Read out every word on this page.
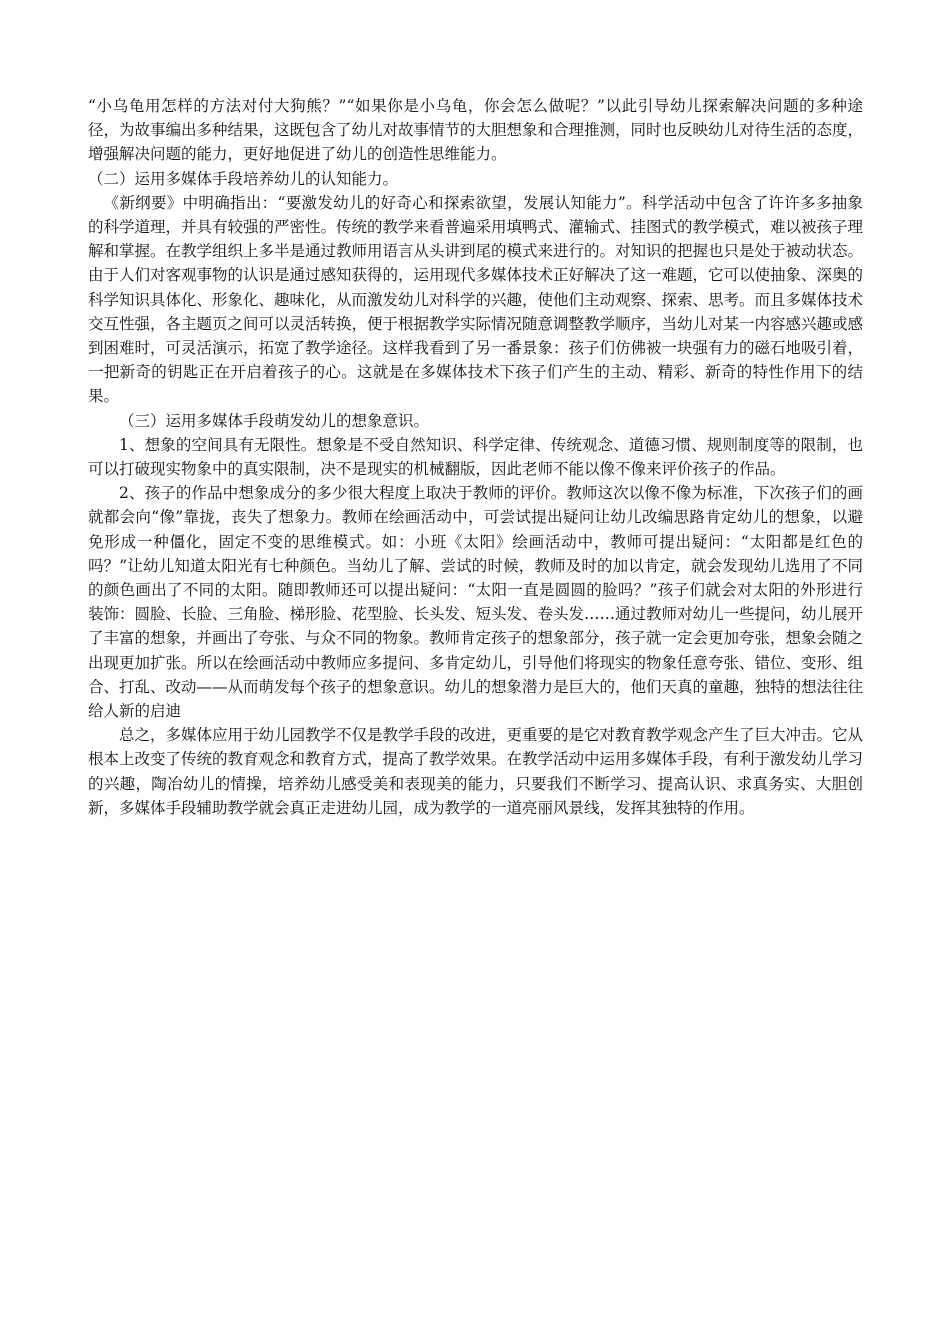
“小乌龟用怎样的方法对付大狗熊？”“如果你是小乌龟，你会怎么做呢？”以此引导幼儿探索解决问题的多种途径，为故事编出多种结果，这既包含了幼儿对故事情节的大胆想象和合理推测，同时也反映幼儿对待生活的态度，增强解决问题的能力，更好地促进了幼儿的创造性思维能力。

（二）运用多媒体手段培养幼儿的认知能力。

《新纲要》中明确指出：“要激发幼儿的好奇心和探索欲望，发展认知能力”。科学活动中包含了许许多多抽象的科学道理，并具有较强的严密性。传统的教学来看普遍采用填鸭式、灌输式、挂图式的教学模式，难以被孩子理解和掌握。在教学组织上多半是通过教师用语言从头讲到尾的模式来进行的。对知识的把握也只是处于被动状态。由于人们对客观事物的认识是通过感知获得的，运用现代多媒体技术正好解决了这一难题，它可以使抽象、深奥的科学知识具体化、形象化、趣味化，从而激发幼儿对科学的兴趣，使他们主动观察、探索、思考。而且多媒体技术交互性强，各主题页之间可以灵活转换，便于根据教学实际情况随意调整教学顺序，当幼儿对某一内容感兴趣或感到困难时，可灵活演示，拓宽了教学途径。这样我看到了另一番景象：孩子们仿佛被一块强有力的磁石地吸引着，一把新奇的钥匙正在开启着孩子的心。这就是在多媒体技术下孩子们产生的主动、精彩、新奇的特性作用下的结果。

（三）运用多媒体手段萌发幼儿的想象意识。

1、想象的空间具有无限性。想象是不受自然知识、科学定律、传统观念、道德习惯、规则制度等的限制，也可以打破现实物象中的真实限制，决不是现实的机械翻版，因此老师不能以像不像来评价孩子的作品。

2、孩子的作品中想象成分的多少很大程度上取决于教师的评价。教师这次以像不像为标准，下次孩子们的画就都会向“像”靠拢，丧失了想象力。教师在绘画活动中，可尝试提出疑问让幼儿改编思路肯定幼儿的想象，以避免形成一种僵化，固定不变的思维模式。如：小班《太阳》绘画活动中，教师可提出疑问：“太阳都是红色的吗？”让幼儿知道太阳光有七种颜色。当幼儿了解、尝试的时候，教师及时的加以肯定，就会发现幼儿选用了不同的颜色画出了不同的太阳。随即教师还可以提出疑问：“太阳一直是圆圆的脸吗？”孩子们就会对太阳的外形进行装饰：圆脸、长脸、三角脸、梯形脸、花型脸、长头发、短头发、卷头发……通过教师对幼儿一些提问，幼儿展开了丰富的想象，并画出了夸张、与众不同的物象。教师肯定孩子的想象部分，孩子就一定会更加夸张，想象会随之出现更加扩张。所以在绘画活动中教师应多提问、多肯定幼儿，引导他们将现实的物象任意夸张、错位、变形、组合、打乱、改动——从而萌发每个孩子的想象意识。幼儿的想象潜力是巨大的，他们天真的童趣，独特的想法往往给人新的启迪

总之，多媒体应用于幼儿园教学不仅是教学手段的改进，更重要的是它对教育教学观念产生了巨大冲击。它从根本上改变了传统的教育观念和教育方式，提高了教学效果。在教学活动中运用多媒体手段，有利于激发幼儿学习的兴趣，陶冶幼儿的情操，培养幼儿感受美和表现美的能力，只要我们不断学习、提高认识、求真务实、大胆创新，多媒体手段辅助教学就会真正走进幼儿园，成为教学的一道亮丽风景线，发挥其独特的作用。
